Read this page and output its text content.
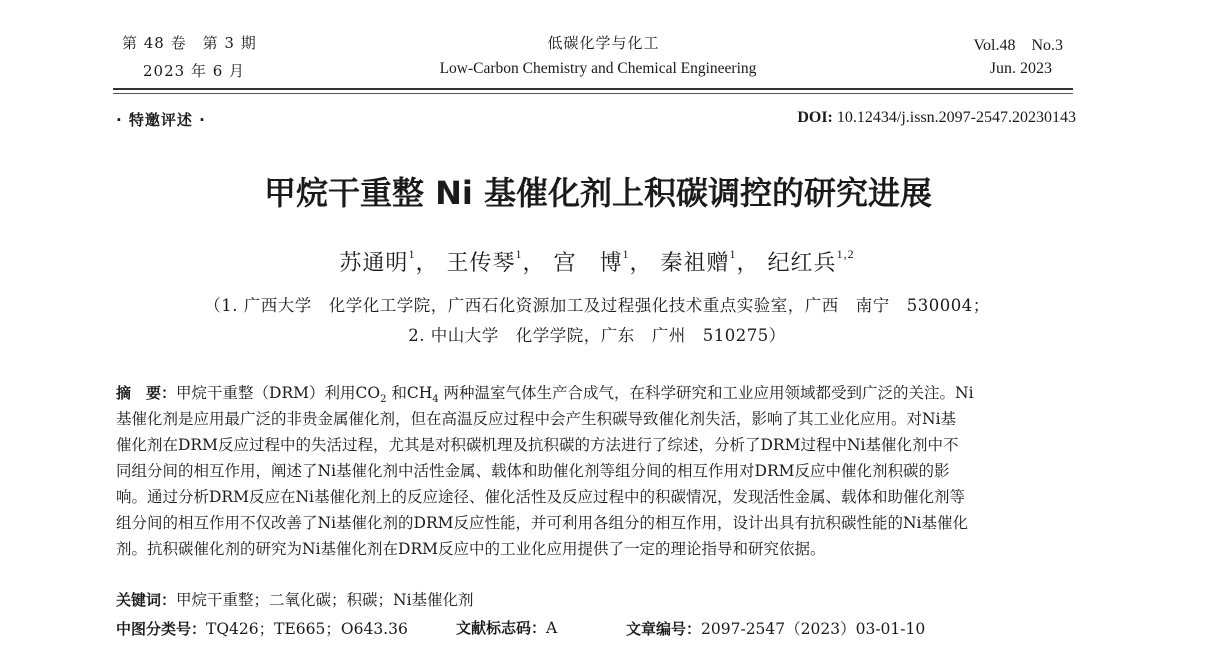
第 48 卷　第 3 期
2023 年 6 月
低碳化学与化工
Low-Carbon Chemistry and Chemical Engineering
Vol.48　No.3
Jun. 2023
· 特邀评述 ·	DOI: 10.12434/j.issn.2097-2547.20230143
甲烷干重整 Ni 基催化剂上积碳调控的研究进展
苏通明$^1$， 王传琴$^1$， 宫　博$^1$， 秦祖赠$^1$， 纪红兵$^{1,2}$
（1. 广西大学　化学化工学院，广西石化资源加工及过程强化技术重点实验室，广西　南宁　530004；
2. 中山大学　化学学院，广东　广州　510275）
摘　要：甲烷干重整（DRM）利用$CO_2$ 和$CH_4$ 两种温室气体生产合成气，在科学研究和工业应用领域都受到广泛的关注。Ni
基催化剂是应用最广泛的非贵金属催化剂，但在高温反应过程中会产生积碳导致催化剂失活，影响了其工业化应用。对Ni基
催化剂在DRM反应过程中的失活过程，尤其是对积碳机理及抗积碳的方法进行了综述，分析了DRM过程中Ni基催化剂中不
同组分间的相互作用，阐述了Ni基催化剂中活性金属、载体和助催化剂等组分间的相互作用对DRM反应中催化剂积碳的影
响。通过分析DRM反应在Ni基催化剂上的反应途径、催化活性及反应过程中的积碳情况，发现活性金属、载体和助催化剂等
组分间的相互作用不仅改善了Ni基催化剂的DRM反应性能，并可利用各组分的相互作用，设计出具有抗积碳性能的Ni基催化
剂。抗积碳催化剂的研究为Ni基催化剂在DRM反应中的工业化应用提供了一定的理论指导和研究依据。
关键词：甲烷干重整；二氧化碳；积碳；Ni基催化剂
中图分类号：TQ426；TE665；O643.36	文献标志码：A	文章编号：2097-2547（2023）03-01-10
